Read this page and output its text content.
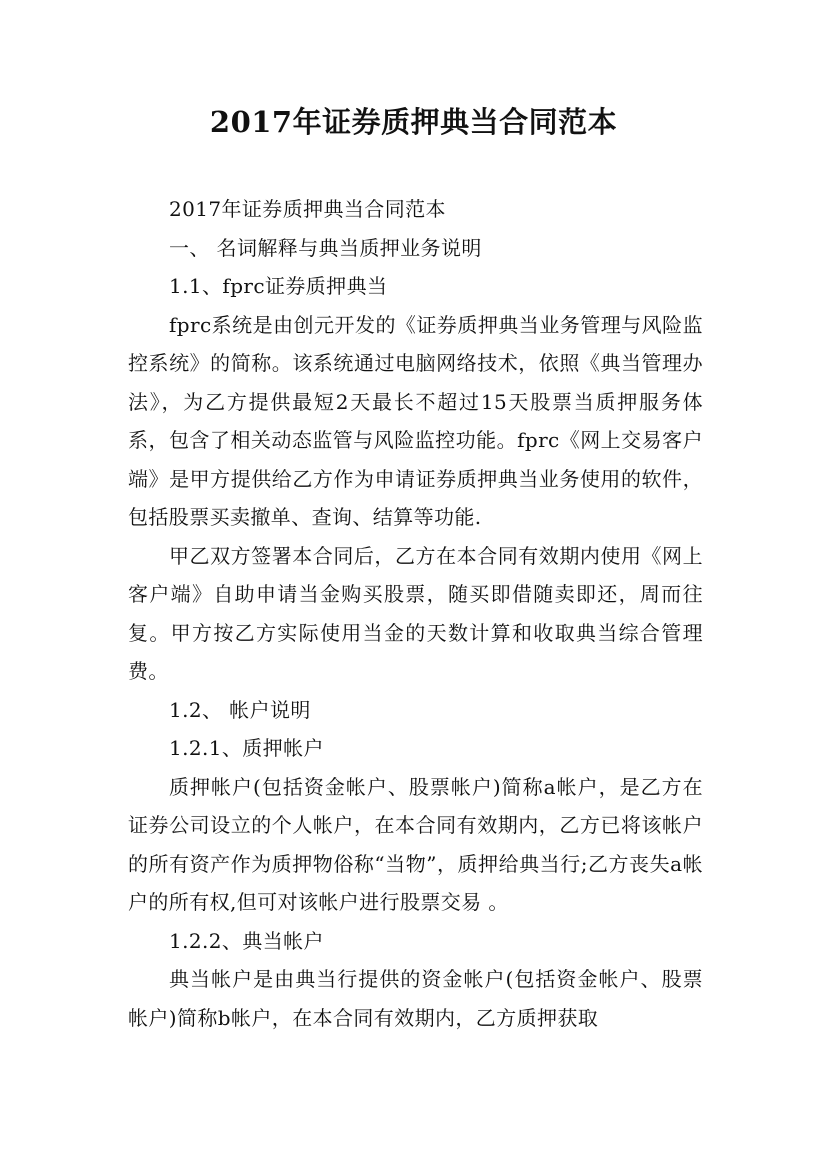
2017年证券质押典当合同范本

2017年证券质押典当合同范本

一、 名词解释与典当质押业务说明

1.1、fprc证券质押典当

fprc系统是由创元开发的《证券质押典当业务管理与风险监控系统》的简称。该系统通过电脑网络技术，依照《典当管理办法》，为乙方提供最短2天最长不超过15天股票当质押服务体系，包含了相关动态监管与风险监控功能。fprc《网上交易客户端》是甲方提供给乙方作为申请证券质押典当业务使用的软件，包括股票买卖撤单、查询、结算等功能.

甲乙双方签署本合同后，乙方在本合同有效期内使用《网上客户端》自助申请当金购买股票，随买即借随卖即还，周而往复。甲方按乙方实际使用当金的天数计算和收取典当综合管理费。

1.2、 帐户说明

1.2.1、质押帐户

质押帐户(包括资金帐户、股票帐户)简称a帐户，是乙方在证券公司设立的个人帐户，在本合同有效期内，乙方已将该帐户的所有资产作为质押物俗称“当物”，质押给典当行;乙方丧失a帐户的所有权,但可对该帐户进行股票交易 。

1.2.2、典当帐户

典当帐户是由典当行提供的资金帐户(包括资金帐户、股票帐户)简称b帐户，在本合同有效期内，乙方质押获取
